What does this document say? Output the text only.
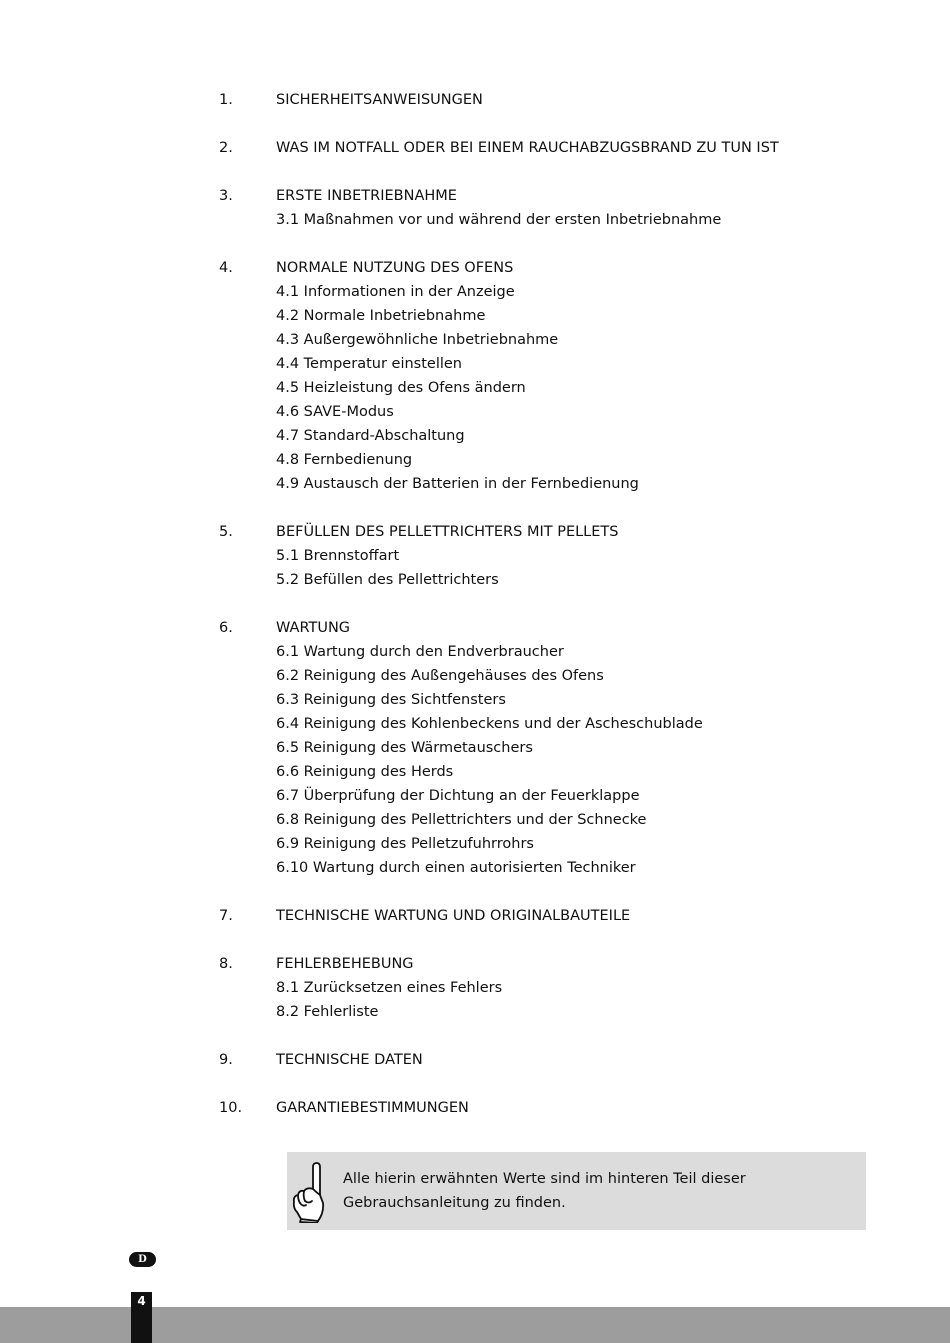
1.	SICHERHEITSANWEISUNGEN
2.	WAS IM NOTFALL ODER BEI EINEM RAUCHABZUGSBRAND ZU TUN IST
3.	ERSTE INBETRIEBNAHME
3.1 Maßnahmen vor und während der ersten Inbetriebnahme
4.	NORMALE NUTZUNG DES OFENS
4.1 Informationen in der Anzeige
4.2 Normale Inbetriebnahme
4.3 Außergewöhnliche Inbetriebnahme
4.4 Temperatur einstellen
4.5 Heizleistung des Ofens ändern
4.6 SAVE-Modus
4.7 Standard-Abschaltung
4.8 Fernbedienung
4.9 Austausch der Batterien in der Fernbedienung
5.	BEFÜLLEN DES PELLETTRICHTERS MIT PELLETS
5.1 Brennstoffart
5.2 Befüllen des Pellettrichters
6.	WARTUNG
6.1 Wartung durch den Endverbraucher
6.2 Reinigung des Außengehäuses des Ofens
6.3 Reinigung des Sichtfensters
6.4 Reinigung des Kohlenbeckens und der Ascheschublade
6.5 Reinigung des Wärmetauschers
6.6 Reinigung des Herds
6.7 Überprüfung der Dichtung an der Feuerklappe
6.8 Reinigung des Pellettrichters und der Schnecke
6.9 Reinigung des Pelletzufuhrrohrs
6.10 Wartung durch einen autorisierten Techniker
7.	TECHNISCHE WARTUNG UND ORIGINALBAUTEILE
8.	FEHLERBEHEBUNG
8.1 Zurücksetzen eines Fehlers
8.2 Fehlerliste
9.	TECHNISCHE DATEN
10.	GARANTIEBESTIMMUNGEN
Alle hierin erwähnten Werte sind im hinteren Teil dieser
Gebrauchsanleitung zu finden.
D
4
